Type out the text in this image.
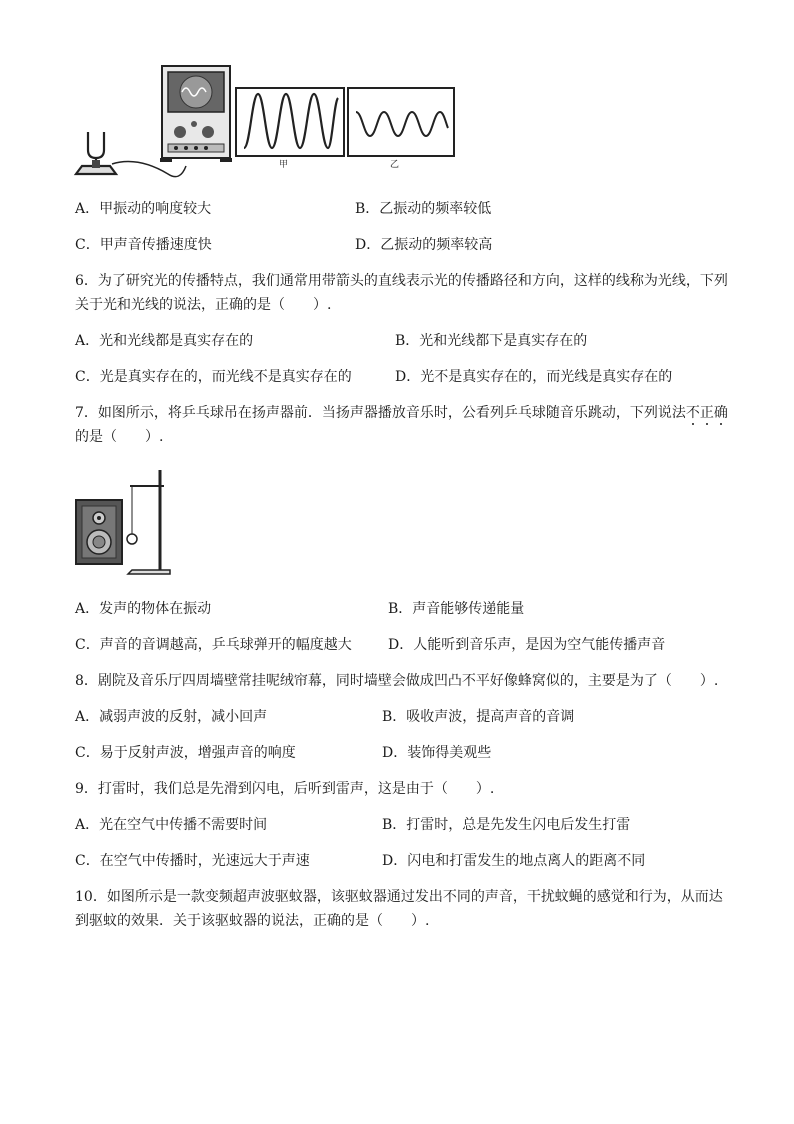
甲	乙
A．甲振动的响度较大	B．乙振动的频率较低
C．甲声音传播速度快	D．乙振动的频率较高
6．为了研究光的传播特点，我们通常用带箭头的直线表示光的传播路径和方向，这样的线称为光线，下列
关于光和光线的说法，正确的是（　　）.
A．光和光线都是真实存在的	B．光和光线都下是真实存在的
C．光是真实存在的，而光线不是真实存在的	D．光不是真实存在的，而光线是真实存在的
7．如图所示，将乒乓球吊在扬声器前．当扬声器播放音乐时，公看列乒乓球随音乐跳动，下列说法不正确
的是（　　）.
A．发声的物体在振动	B．声音能够传递能量
C．声音的音调越高，乒乓球弹开的幅度越大	D．人能听到音乐声，是因为空气能传播声音
8．剧院及音乐厅四周墙壁常挂呢绒帘幕，同时墙壁会做成凹凸不平好像蜂窝似的，主要是为了（　　）.
A．减弱声波的反射，减小回声	B．吸收声波，提高声音的音调
C．易于反射声波，增强声音的响度	D．装饰得美观些
9．打雷时，我们总是先滑到闪电，后听到雷声，这是由于（　　）.
A．光在空气中传播不需要时间	B．打雷时，总是先发生闪电后发生打雷
C．在空气中传播时，光速远大于声速	D．闪电和打雷发生的地点离人的距离不同
10．如图所示是一款变频超声波驱蚊器，该驱蚊器通过发出不同的声音，干扰蚊蝇的感觉和行为，从而达
到驱蚊的效果．关于该驱蚊器的说法，正确的是（　　）.
